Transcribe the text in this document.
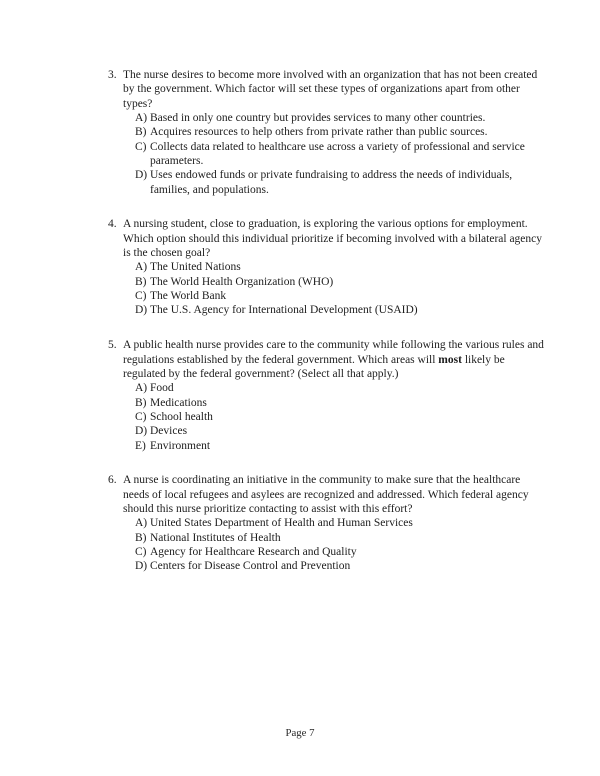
3. The nurse desires to become more involved with an organization that has not been created by the government. Which factor will set these types of organizations apart from other types?
A) Based in only one country but provides services to many other countries.
B) Acquires resources to help others from private rather than public sources.
C) Collects data related to healthcare use across a variety of professional and service parameters.
D) Uses endowed funds or private fundraising to address the needs of individuals, families, and populations.
4. A nursing student, close to graduation, is exploring the various options for employment. Which option should this individual prioritize if becoming involved with a bilateral agency is the chosen goal?
A) The United Nations
B) The World Health Organization (WHO)
C) The World Bank
D) The U.S. Agency for International Development (USAID)
5. A public health nurse provides care to the community while following the various rules and regulations established by the federal government. Which areas will most likely be regulated by the federal government? (Select all that apply.)
A) Food
B) Medications
C) School health
D) Devices
E) Environment
6. A nurse is coordinating an initiative in the community to make sure that the healthcare needs of local refugees and asylees are recognized and addressed. Which federal agency should this nurse prioritize contacting to assist with this effort?
A) United States Department of Health and Human Services
B) National Institutes of Health
C) Agency for Healthcare Research and Quality
D) Centers for Disease Control and Prevention
Page 7
